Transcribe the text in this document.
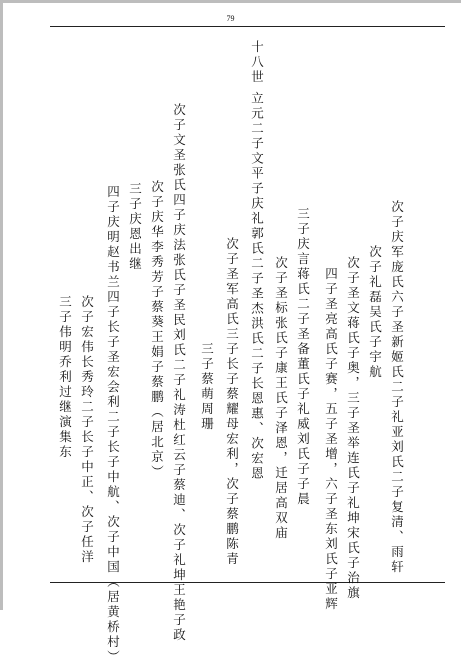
79
十八世 立元二子文平子庆礼郭氏二子圣杰洪氏二子长恩惠、次宏恩	次子庆军庞氏六子圣新姬氏二子礼亚刘氏二子复清、雨轩
次子礼磊吴氏子宇航
次子圣文蒋氏子奥，三子圣举连氏子礼坤宋氏子治旗
四子圣亮高氏子赛，五子圣增，六子圣东刘氏子亚辉
三子庆言蒋氏二子圣备董氏子礼威刘氏子子晨
次子圣标张氏子康王氏子泽恩，迁居高双庙
次子圣军高氏三子长子蔡耀母宏利，次子蔡鹏陈青
三子蔡萌周珊
次子文圣张氏四子庆法张氏子圣民刘氏二子礼涛杜红云子蔡迪、次子礼坤王艳子政
次子庆华李秀芳子蔡葵王娟子蔡鹏（居北京）
三子庆恩出继
四子庆明赵书兰四子长子圣宏会利二子长子中航、次子中国（居黄桥村）
次子宏伟长秀玲二子长子中正、次子任洋
三子伟明乔利过继演集东
